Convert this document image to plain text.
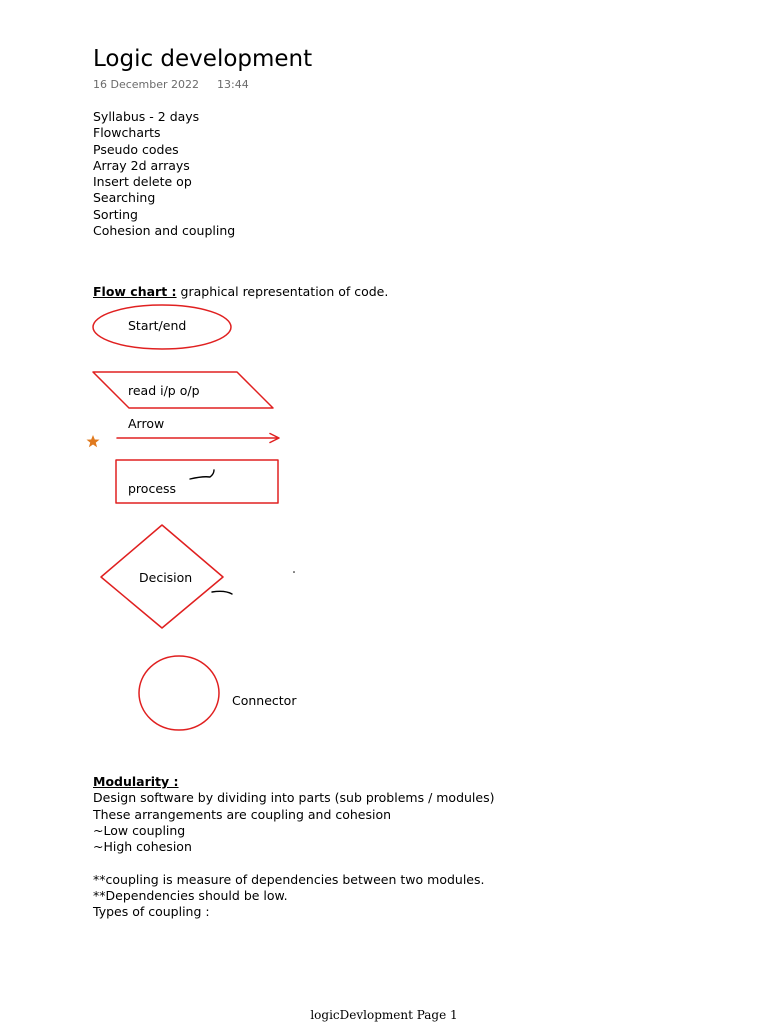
Logic development
16 December 2022 13:44
Syllabus - 2 days
Flowcharts
Pseudo codes
Array 2d arrays
Insert delete op
Searching
Sorting
Cohesion and coupling
Flow chart : graphical representation of code.
Start/end
read i/p o/p
Arrow
process
Decision
Connector
Modularity :
Design software by dividing into parts (sub problems / modules)
These arrangements are coupling and cohesion
~Low coupling
~High cohesion
**coupling is measure of dependencies between two modules.
**Dependencies should be low.
Types of coupling :
logicDevlopment Page 1
